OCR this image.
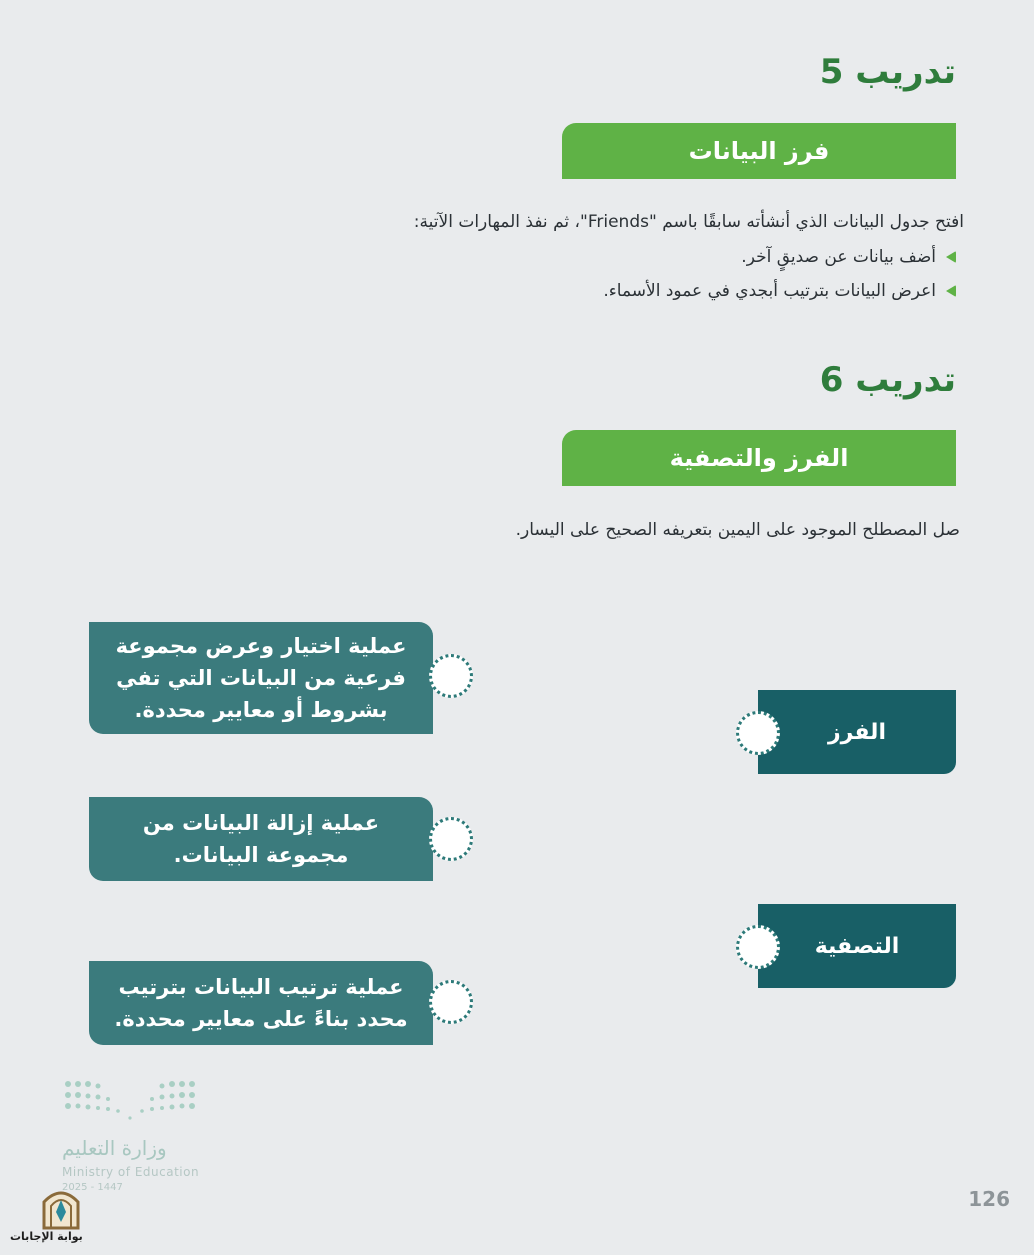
تدريب 5
فرز البيانات
افتح جدول البيانات الذي أنشأته سابقًا باسم "Friends"، ثم نفذ المهارات الآتية:
أضف بيانات عن صديقٍ آخر.
اعرض البيانات بترتيب أبجدي في عمود الأسماء.
تدريب 6
الفرز والتصفية
صل المصطلح الموجود على اليمين بتعريفه الصحيح على اليسار.
الفرز
التصفية
عملية اختيار وعرض مجموعة فرعية من البيانات التي تفي بشروط أو معايير محددة.
عملية إزالة البيانات من مجموعة البيانات.
عملية ترتيب البيانات بترتيب محدد بناءً على معايير محددة.
وزارة التعليم
Ministry of Education
2025 - 1447	126
بوابة الإجابات
